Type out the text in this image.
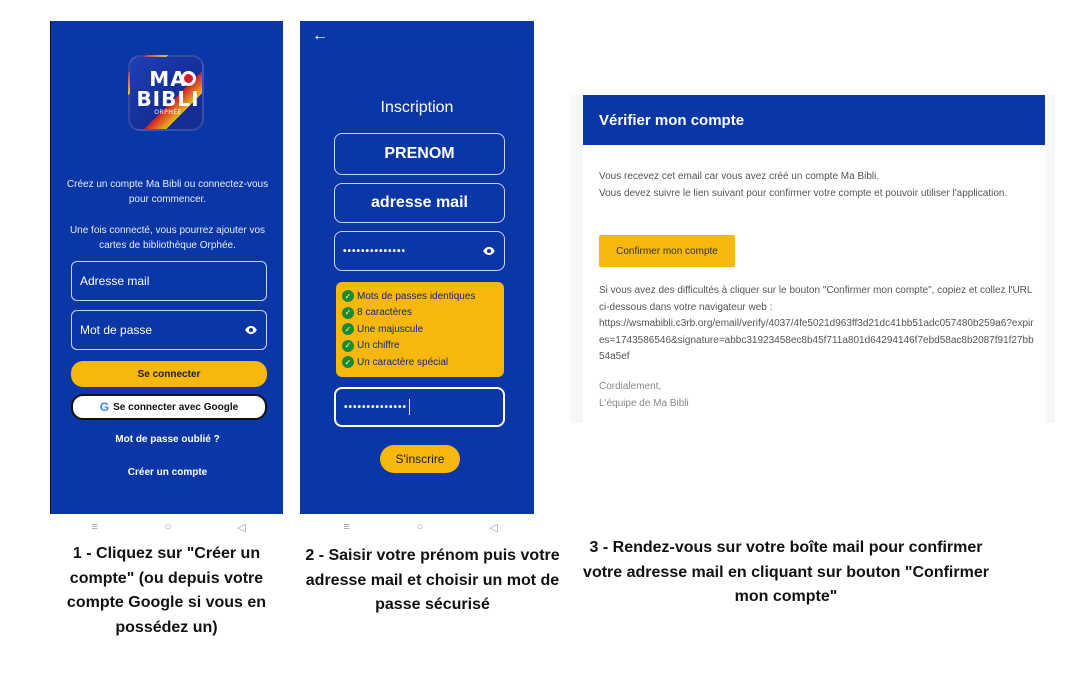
MA
BIBLI
ORPHÉE
Créez un compte Ma Bibli ou connectez-vous pour commencer.
Une fois connecté, vous pourrez ajouter vos cartes de bibliothèque Orphée.
Adresse mail
Mot de passe
Se connecter
G Se connecter avec Google
Mot de passe oublié ?
Créer un compte
≡	○	◁
←
Inscription
PRENOM
adresse mail
••••••••••••••
✓ Mots de passes identiques
✓ 8 caractères
✓ Une majuscule
✓ Un chiffre
✓ Un caractère spécial
••••••••••••••
S'inscrire
≡	○	◁
Vérifier mon compte
Vous recevez cet email car vous avez créé un compte Ma Bibli.
Vous devez suivre le lien suivant pour confirmer votre compte et pouvoir utiliser l'application.
Confirmer mon compte
Si vous avez des difficultés à cliquer sur le bouton "Confirmer mon compte", copiez et collez l'URL ci-dessous dans votre navigateur web :
https://wsmabibli.c3rb.org/email/verify/4037/4fe5021d963ff3d21dc41bb51adc057480b259a6?expires=1743586546&signature=abbc31923458ec8b45f711a801d64294146f7ebd58ac8b2087f91f27bb54a5ef
Cordialement,
L'équipe de Ma Bibli
1 - Cliquez sur "Créer un compte" (ou depuis votre compte Google si vous en possédez un)
2 - Saisir votre prénom puis votre adresse mail et choisir un mot de passe sécurisé
3 - Rendez-vous sur votre boîte mail pour confirmer votre adresse mail en cliquant sur bouton "Confirmer mon compte"
